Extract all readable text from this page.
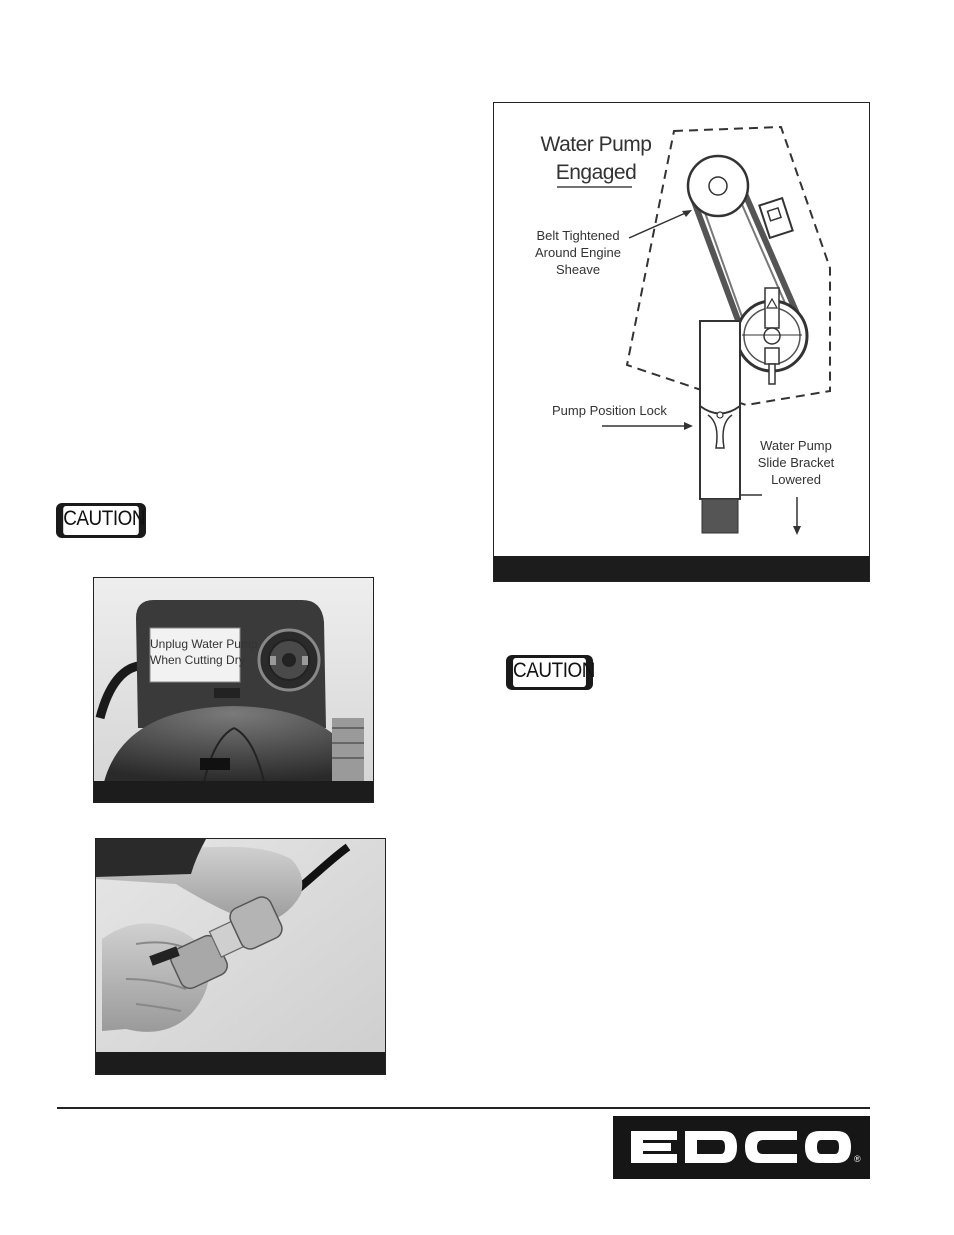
CAUTION
CAUTION
Water Pump
Engaged
Belt Tightened
Around Engine
Sheave
Pump Position Lock
Water Pump
Slide Bracket
Lowered
Unplug Water Pump
When Cutting Dry
®
